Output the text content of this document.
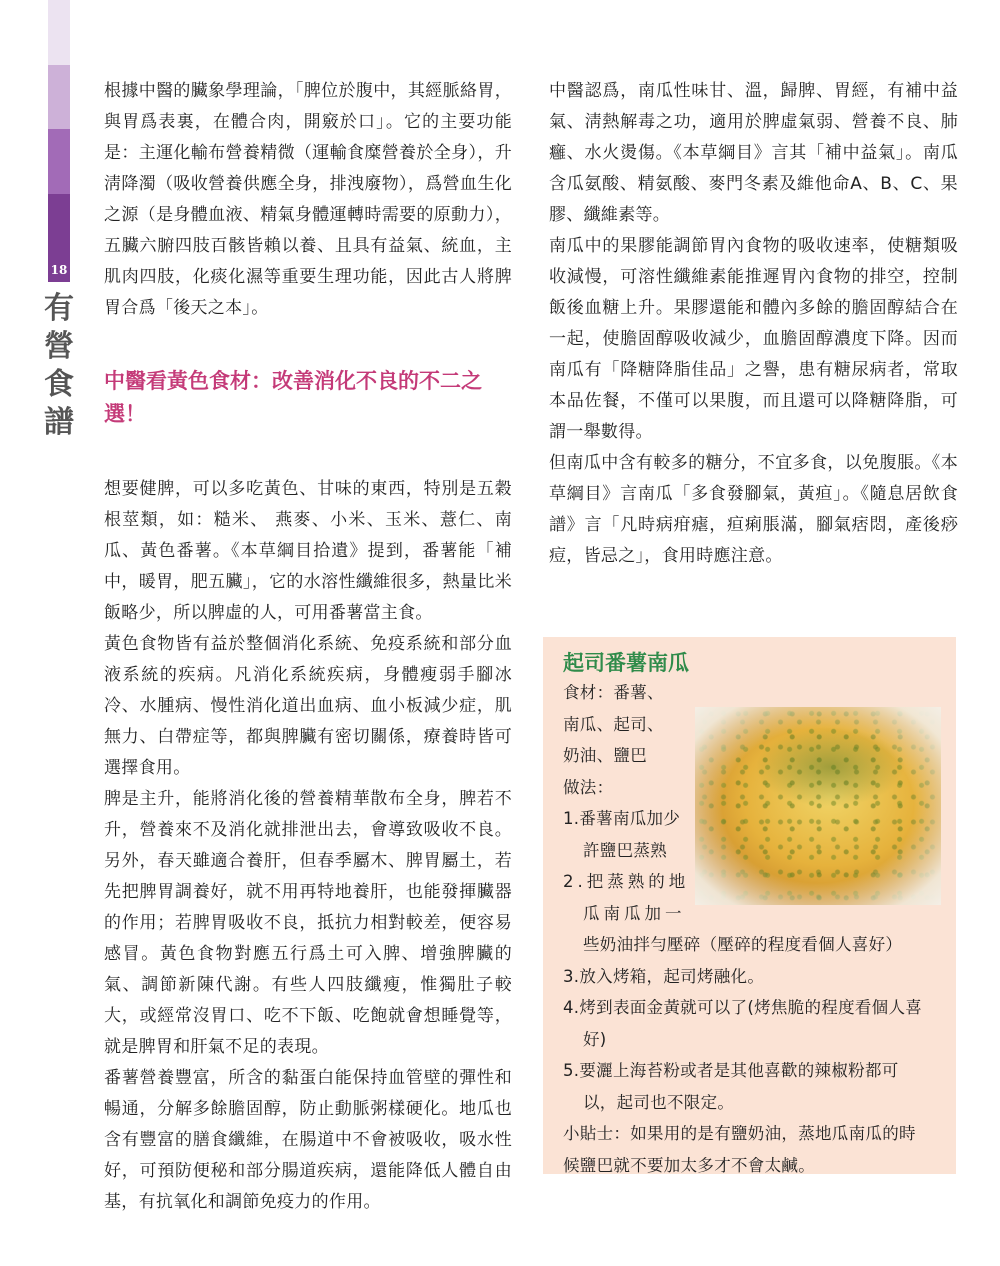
18
有
營
食
譜

根據中醫的臟象學理論，「脾位於腹中，其經脈絡胃，與胃爲表裏，在體合肉，開竅於口」。它的主要功能是：主運化輸布營養精微（運輸食糜營養於全身），升淸降濁（吸收營養供應全身，排洩廢物），爲營血生化之源（是身體血液、精氣身體運轉時需要的原動力），五臟六腑四肢百骸皆賴以養、且具有益氣、統血，主肌肉四肢，化痰化濕等重要生理功能，因此古人將脾胃合爲「後天之本」。

中醫看黃色食材：改善消化不良的不二之選！

想要健脾，可以多吃黃色、甘味的東西，特別是五穀根莖類，如：糙米、 燕麥、小米、玉米、薏仁、南瓜、黃色番薯。《本草綱目拾遺》提到，番薯能「補中，暖胃，肥五臟」，它的水溶性纖維很多，熱量比米飯略少，所以脾虛的人，可用番薯當主食。

黃色食物皆有益於整個消化系統、免疫系統和部分血液系統的疾病。凡消化系統疾病，身體瘦弱手腳冰冷、水腫病、慢性消化道出血病、血小板減少症，肌無力、白帶症等，都與脾臟有密切關係，療養時皆可選擇食用。

脾是主升，能將消化後的營養精華散布全身，脾若不升，營養來不及消化就排泄出去，會導致吸收不良。另外，春天雖適合養肝，但春季屬木、脾胃屬土，若先把脾胃調養好，就不用再特地養肝，也能發揮臟器的作用；若脾胃吸收不良，抵抗力相對較差，便容易感冒。黃色食物對應五行爲土可入脾、增強脾臟的氣、調節新陳代謝。有些人四肢纖瘦，惟獨肚子較大，或經常沒胃口、吃不下飯、吃飽就會想睡覺等，就是脾胃和肝氣不足的表現。

番薯營養豐富，所含的黏蛋白能保持血管壁的彈性和暢通，分解多餘膽固醇，防止動脈粥樣硬化。地瓜也含有豐富的膳食纖維，在腸道中不會被吸收，吸水性好，可預防便秘和部分腸道疾病，還能降低人體自由基，有抗氧化和調節免疫力的作用。

中醫認爲，南瓜性味甘、溫，歸脾、胃經，有補中益氣、淸熱解毒之功，適用於脾虛氣弱、營養不良、肺癰、水火燙傷。《本草綱目》言其「補中益氣」。南瓜含瓜氨酸、精氨酸、麥門冬素及維他命A、B、C、果膠、纖維素等。

南瓜中的果膠能調節胃內食物的吸收速率，使糖類吸收減慢，可溶性纖維素能推遲胃內食物的排空，控制飯後血糖上升。果膠還能和體內多餘的膽固醇結合在一起，使膽固醇吸收減少，血膽固醇濃度下降。因而南瓜有「降糖降脂佳品」之譽，患有糖尿病者，常取本品佐餐，不僅可以果腹，而且還可以降糖降脂，可謂一舉數得。

但南瓜中含有較多的糖分，不宜多食，以免腹脹。《本草綱目》言南瓜「多食發腳氣，黃疸」。《隨息居飲食譜》言「凡時病疳瘧，疸痢脹滿，腳氣痞悶，產後痧痘，皆忌之」，食用時應注意。

起司番薯南瓜
食材：番薯、
南瓜、起司、
奶油、鹽巴
做法：
1.番薯南瓜加少
許鹽巴蒸熟
2.把蒸熟的地
瓜南瓜加一
些奶油拌勻壓碎（壓碎的程度看個人喜好）
3.放入烤箱，起司烤融化。
4.烤到表面金黃就可以了(烤焦脆的程度看個人喜
好)
5.要灑上海苔粉或者是其他喜歡的辣椒粉都可
以，起司也不限定。
小貼士：如果用的是有鹽奶油，蒸地瓜南瓜的時
候鹽巴就不要加太多才不會太鹹。
